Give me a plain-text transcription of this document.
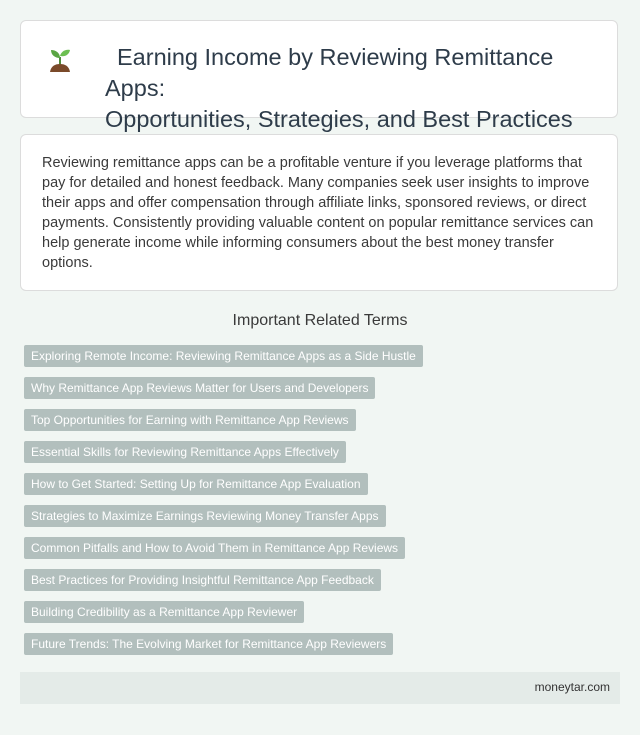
Earning Income by Reviewing Remittance Apps:
Opportunities, Strategies, and Best Practices

Reviewing remittance apps can be a profitable venture if you leverage platforms that pay for detailed and honest feedback. Many companies seek user insights to improve their apps and offer compensation through affiliate links, sponsored reviews, or direct payments. Consistently providing valuable content on popular remittance services can help generate income while informing consumers about the best money transfer options.

Important Related Terms
Exploring Remote Income: Reviewing Remittance Apps as a Side Hustle
Why Remittance App Reviews Matter for Users and Developers
Top Opportunities for Earning with Remittance App Reviews
Essential Skills for Reviewing Remittance Apps Effectively
How to Get Started: Setting Up for Remittance App Evaluation
Strategies to Maximize Earnings Reviewing Money Transfer Apps
Common Pitfalls and How to Avoid Them in Remittance App Reviews
Best Practices for Providing Insightful Remittance App Feedback
Building Credibility as a Remittance App Reviewer
Future Trends: The Evolving Market for Remittance App Reviewers
moneytar.com
